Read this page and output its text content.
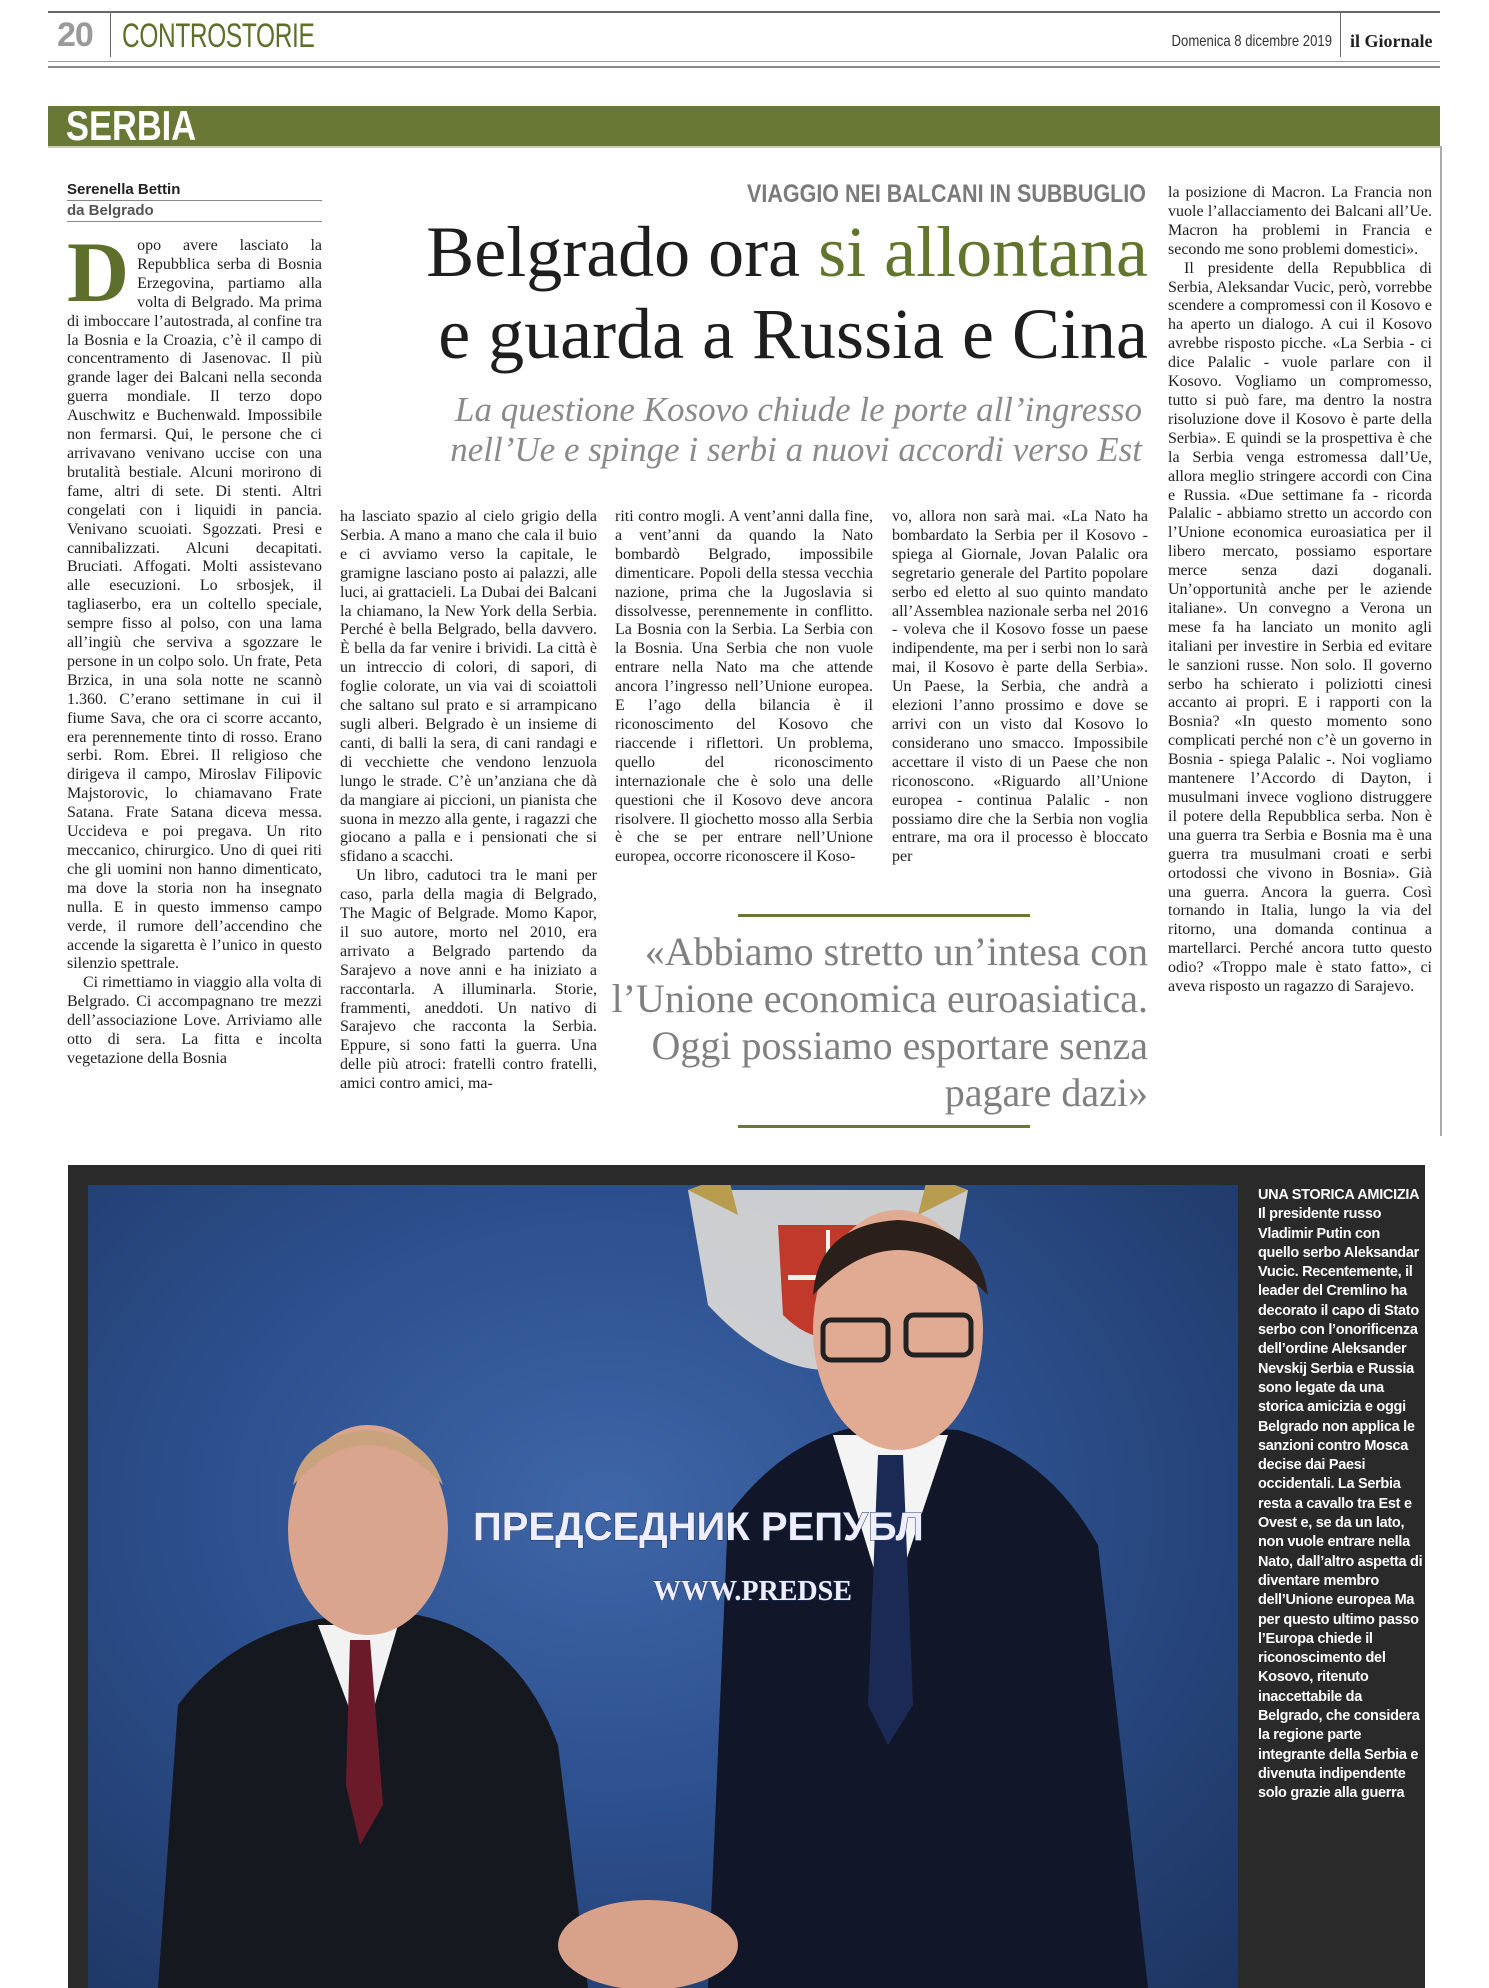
20 CONTROSTORIE	Domenica 8 dicembre 2019 il Giornale
SERBIA
Serenella Bettin
da Belgrado
VIAGGIO NEI BALCANI IN SUBBUGLIO
Belgrado ora si allontana
e guarda a Russia e Cina
La questione Kosovo chiude le porte all’ingresso
nell’Ue e spinge i serbi a nuovi accordi verso Est

Dopo avere lasciato la Repubblica serba di Bosnia Erzegovina, partiamo alla volta di Belgrado. Ma prima di imboccare l’autostrada, al confine tra la Bosnia e la Croazia, c’è il campo di concentramento di Jasenovac. Il più grande lager dei Balcani nella seconda guerra mondiale. Il terzo dopo Auschwitz e Buchenwald. Impossibile non fermarsi. Qui, le persone che ci arrivavano venivano uccise con una brutalità bestiale. Alcuni morirono di fame, altri di sete. Di stenti. Altri congelati con i liquidi in pancia. Venivano scuoiati. Sgozzati. Presi e cannibalizzati. Alcuni decapitati. Bruciati. Affogati. Molti assistevano alle esecuzioni. Lo srbosjek, il tagliaserbo, era un coltello speciale, sempre fisso al polso, con una lama all’ingiù che serviva a sgozzare le persone in un colpo solo. Un frate, Peta Brzica, in una sola notte ne scannò 1.360. C’erano settimane in cui il fiume Sava, che ora ci scorre accanto, era perennemente tinto di rosso. Erano serbi. Rom. Ebrei. Il religioso che dirigeva il campo, Miroslav Filipovic Majstorovic, lo chiamavano Frate Satana. Frate Satana diceva messa. Uccideva e poi pregava. Un rito meccanico, chirurgico. Uno di quei riti che gli uomini non hanno dimenticato, ma dove la storia non ha insegnato nulla. E in questo immenso campo verde, il rumore dell’accendino che accende la sigaretta è l’unico in questo silenzio spettrale.

Ci rimettiamo in viaggio alla volta di Belgrado. Ci accompagnano tre mezzi dell’associazione Love. Arriviamo alle otto di sera. La fitta e incolta vegetazione della Bosnia

ha lasciato spazio al cielo grigio della Serbia. A mano a mano che cala il buio e ci avviamo verso la capitale, le gramigne lasciano posto ai palazzi, alle luci, ai grattacieli. La Dubai dei Balcani la chiamano, la New York della Serbia. Perché è bella Belgrado, bella davvero. È bella da far venire i brividi. La città è un intreccio di colori, di sapori, di foglie colorate, un via vai di scoiattoli che saltano sul prato e si arrampicano sugli alberi. Belgrado è un insieme di canti, di balli la sera, di cani randagi e di vecchiette che vendono lenzuola lungo le strade. C’è un’anziana che dà da mangiare ai piccioni, un pianista che suona in mezzo alla gente, i ragazzi che giocano a palla e i pensionati che si sfidano a scacchi.

Un libro, cadutoci tra le mani per caso, parla della magia di Belgrado, The Magic of Belgrade. Momo Kapor, il suo autore, morto nel 2010, era arrivato a Belgrado partendo da Sarajevo a nove anni e ha iniziato a raccontarla. A illuminarla. Storie, frammenti, aneddoti. Un nativo di Sarajevo che racconta la Serbia. Eppure, si sono fatti la guerra. Una delle più atroci: fratelli contro fratelli, amici contro amici, ma-

riti contro mogli. A vent’anni dalla fine, a vent’anni da quando la Nato bombardò Belgrado, impossibile dimenticare. Popoli della stessa vecchia nazione, prima che la Jugoslavia si dissolvesse, perennemente in conflitto. La Bosnia con la Serbia. La Serbia con la Bosnia. Una Serbia che non vuole entrare nella Nato ma che attende ancora l’ingresso nell’Unione europea. E l’ago della bilancia è il riconoscimento del Kosovo che riaccende i riflettori. Un problema, quello del riconoscimento internazionale che è solo una delle questioni che il Kosovo deve ancora risolvere. Il giochetto mosso alla Serbia è che se per entrare nell’Unione europea, occorre riconoscere il Koso-

vo, allora non sarà mai. «La Nato ha bombardato la Serbia per il Kosovo - spiega al Giornale, Jovan Palalic ora segretario generale del Partito popolare serbo ed eletto al suo quinto mandato all’Assemblea nazionale serba nel 2016 - voleva che il Kosovo fosse un paese indipendente, ma per i serbi non lo sarà mai, il Kosovo è parte della Serbia». Un Paese, la Serbia, che andrà a elezioni l’anno prossimo e dove se arrivi con un visto dal Kosovo lo considerano uno smacco. Impossibile accettare il visto di un Paese che non riconoscono. «Riguardo all’Unione europea - continua Palalic - non possiamo dire che la Serbia non voglia entrare, ma ora il processo è bloccato per

la posizione di Macron. La Francia non vuole l’allacciamento dei Balcani all’Ue. Macron ha problemi in Francia e secondo me sono problemi domestici».

Il presidente della Repubblica di Serbia, Aleksandar Vucic, però, vorrebbe scendere a compromessi con il Kosovo e ha aperto un dialogo. A cui il Kosovo avrebbe risposto picche. «La Serbia - ci dice Palalic - vuole parlare con il Kosovo. Vogliamo un compromesso, tutto si può fare, ma dentro la nostra risoluzione dove il Kosovo è parte della Serbia». E quindi se la prospettiva è che la Serbia venga estromessa dall’Ue, allora meglio stringere accordi con Cina e Russia. «Due settimane fa - ricorda Palalic - abbiamo stretto un accordo con l’Unione economica euroasiatica per il libero mercato, possiamo esportare merce senza dazi doganali. Un’opportunità anche per le aziende italiane». Un convegno a Verona un mese fa ha lanciato un monito agli italiani per investire in Serbia ed evitare le sanzioni russe. Non solo. Il governo serbo ha schierato i poliziotti cinesi accanto ai propri. E i rapporti con la Bosnia? «In questo momento sono complicati perché non c’è un governo in Bosnia - spiega Palalic -. Noi vogliamo mantenere l’Accordo di Dayton, i musulmani invece vogliono distruggere il potere della Repubblica serba. Non è una guerra tra Serbia e Bosnia ma è una guerra tra musulmani croati e serbi ortodossi che vivono in Bosnia». Già una guerra. Ancora la guerra. Così tornando in Italia, lungo la via del ritorno, una domanda continua a martellarci. Perché ancora tutto questo odio? «Troppo male è stato fatto», ci aveva risposto un ragazzo di Sarajevo.

«Abbiamo stretto un’intesa con l’Unione economica euroasiatica. Oggi possiamo esportare senza pagare dazi»
ПРЕДСЕДНИК РЕПУБЛ
WWW.PREDSE
UNA STORICA AMICIZIA
Il presidente russo Vladimir Putin con quello serbo Aleksandar Vucic. Recentemente, il leader del Cremlino ha decorato il capo di Stato serbo con l’onorificenza dell’ordine Aleksander Nevskij Serbia e Russia sono legate da una storica amicizia e oggi Belgrado non applica le sanzioni contro Mosca decise dai Paesi occidentali. La Serbia resta a cavallo tra Est e Ovest e, se da un lato, non vuole entrare nella Nato, dall’altro aspetta di diventare membro dell’Unione europea Ma per questo ultimo passo l’Europa chiede il riconoscimento del Kosovo, ritenuto inaccettabile da Belgrado, che considera la regione parte integrante della Serbia e divenuta indipendente solo grazie alla guerra
